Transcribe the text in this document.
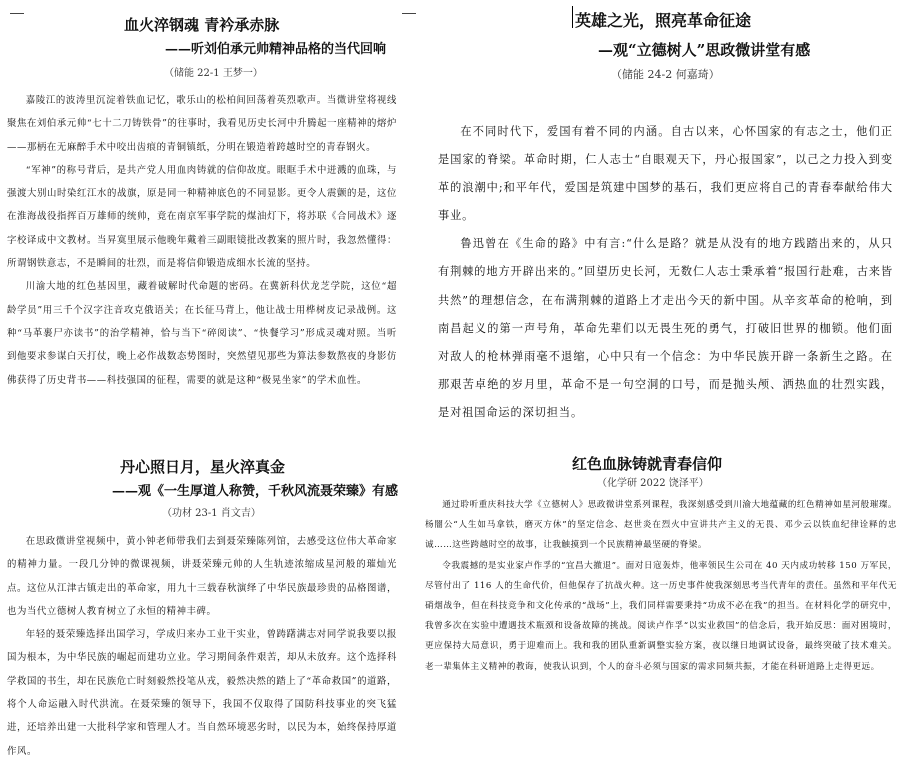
血火淬钢魂 青衿承赤脉
——听刘伯承元帅精神品格的当代回响
（储能 22-1 王梦一）

嘉陵江的波涛里沉淀着铁血记忆，歌乐山的松柏间回荡着英烈歌声。当微讲堂将视线聚焦在刘伯承元帅“七十二刀铸铁骨”的往事时，我看见历史长河中升腾起一座精神的熔炉——那柄在无麻醉手术中咬出齿痕的青铜镇纸，分明在锻造着跨越时空的青春钢火。

“军神”的称号背后，是共产党人用血肉铸就的信仰故度。眼眶手术中迸溅的血珠，与强渡大别山时染红江水的战旗，原是同一种精神底色的不同显影。更令人震颤的是，这位在淮海战役指挥百万雄师的统帅，竟在南京军事学院的煤油灯下，将苏联《合同战术》逐字校译成中文教材。当昇寞里展示他晚年戴着三副眼镜批改教案的照片时，我忽然懂得：所谓钢铁意志，不是瞬间的壮烈，而是将信仰锻造成细水长流的坚持。

川渝大地的红色基因里，藏着破解时代命题的密码。在冀新科伏龙芝学院，这位“超龄学员”用三千个汉字注音攻克俄语关；在长征马背上，他让战士用桦树皮记录战例。这种“马革裹尸亦读书”的治学精神，恰与当下“碎阅读”、“快餐学习”形成灵魂对照。当听到他要求参谋白天打仗，晚上必作战数态势图时，突然望见那些为算法参数熬夜的身影仿佛获得了历史背书——科技强国的征程，需要的就是这种“极晃坐家”的学术血性。

丹心照日月，星火淬真金
——观《一生厚道人称赞，千秋风流聂荣臻》有感
（功材 23-1 肖文吉）

在思政微讲堂视频中，黄小钟老师带我们去到聂荣臻陈列馆，去感受这位伟大革命家的精神力量。一段几分钟的微课视频，讲聂荣臻元帅的人生轨迹浓缩成星河般的璀灿光点。这位从江津古镇走出的革命家，用九十三载春秋演绎了中华民族最珍贵的品格图谱，也为当代立德树人教育树立了永恒的精神丰碑。

年轻的聂荣臻选择出国学习，学成归来办工业干实业，曾踌躇满志对同学说我要以报国为根本，为中华民族的崛起而建功立业。学习期间条件艰苦，却从未放弃。这个选择科学救国的书生，却在民族危亡时刻毅然投笔从戎，毅然决然的踏上了“革命救国”的道路，将个人命运融入时代洪流。在聂荣臻的领导下，我国不仅取得了国防科技事业的突飞猛进，还培养出建一大批科学家和管理人才。当自然环境恶劣时，以民为本，始终保持厚道作风。

英雄之光，照亮革命征途
—观“立德树人”思政微讲堂有感
（储能 24-2 何嘉琦）

在不同时代下，爱国有着不同的内涵。自古以来，心怀国家的有志之士，他们正是国家的脊梁。革命时期，仁人志士“自眼观天下，丹心报国家”，以己之力投入到变革的浪潮中;和平年代，爱国是筑建中国梦的基石，我们更应将自己的青春奉献给伟大事业。

鲁迅曾在《生命的路》中有言:“什么是路？就是从没有的地方践踏出来的，从只有荆棘的地方开辟出来的。”回望历史长河，无数仁人志士秉承着“报国行赴难，古来皆共然”的理想信念，在布满荆棘的道路上才走出今天的新中国。从辛亥革命的枪响，到南昌起义的第一声号角，革命先辈们以无畏生死的勇气，打破旧世界的枷锁。他们面对敌人的枪林弹雨毫不退缩，心中只有一个信念：为中华民族开辟一条新生之路。在那艰苦卓绝的岁月里，革命不是一句空洞的口号，而是抛头颅、洒热血的壮烈实践，是对祖国命运的深切担当。

红色血脉铸就青春信仰
（化学研 2022 饶泽平）

通过聆听重庆科技大学《立德树人》思政微讲堂系列课程，我深刻感受到川渝大地蕴藏的红色精神如星河般璀璨。杨闇公“人生如马拿铁，磨灭方休”的坚定信念、赵世炎在烈火中宣讲共产主义的无畏、邓少云以铁血纪律诠释的忠诚……这些跨越时空的故事，让我触摸到一个民族精神最坚硬的脊梁。

令我震撼的是实业家卢作孚的“宜昌大撤退”。面对日寇轰炸，他率领民生公司在 40 天内成功转移 150 万军民，尽管付出了 116 人的生命代价，但他保存了抗战火种。这一历史事件使我深刻思考当代青年的责任。虽然和平年代无硝烟战争，但在科技竞争和文化传承的“战场”上，我们同样需要秉持“功成不必在我”的担当。在材料化学的研究中，我曾多次在实验中遭遇技术瓶颈和设备故障的挑战。阅读卢作孚“以实业救国”的信念后，我开始反思：面对困境时，更应保持大局意识，勇于迎难而上。我和我的团队重新调整实验方案，夜以继日地调试设备，最终突破了技术难关。老一辈集体主义精神的教诲，使我认识到，个人的奋斗必须与国家的需求同频共振，才能在科研道路上走得更远。
